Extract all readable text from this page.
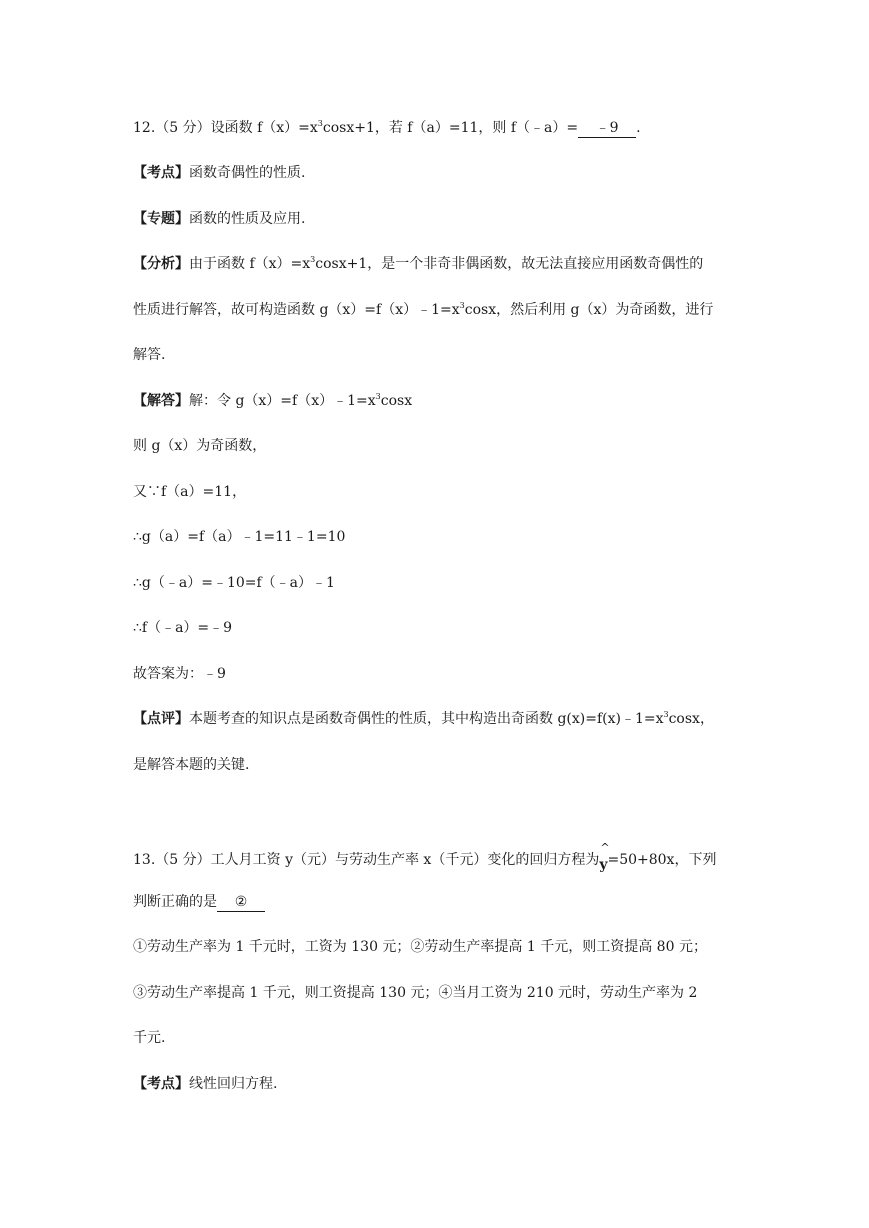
12.（5 分）设函数 $f(x)=x^3\cos x+1$，若 f（a）=11，则 f（﹣a）= ﹣9 .
【考点】函数奇偶性的性质.
【专题】函数的性质及应用.
【分析】由于函数 $f(x)=x^3\cos x+1$，是一个非奇非偶函数，故无法直接应用函数奇偶性的
性质进行解答，故可构造函数 $g(x)=f(x)﹣1=x^3\cos x$，然后利用 g（x）为奇函数，进行
解答.
【解答】解：令 $g(x)=f(x)﹣1=x^3\cos x$
则 g（x）为奇函数，
又∵f（a）=11，
∴g（a）=f（a）﹣1=11﹣1=10
∴g（﹣a）=﹣10=f（﹣a）﹣1
∴f（﹣a）=﹣9
故答案为：﹣9
【点评】本题考查的知识点是函数奇偶性的性质，其中构造出奇函数 $g(x)=f(x)﹣1=x^3\cos x$，
是解答本题的关键.
13.（5 分）工人月工资 y（元）与劳动生产率 x（千元）变化的回归方程为
^
y=50+80x，下列
判断正确的是 ②
①劳动生产率为 1 千元时，工资为 130 元；②劳动生产率提高 1 千元，则工资提高 80 元；
③劳动生产率提高 1 千元，则工资提高 130 元；④当月工资为 210 元时，劳动生产率为 2
千元.
【考点】线性回归方程.
